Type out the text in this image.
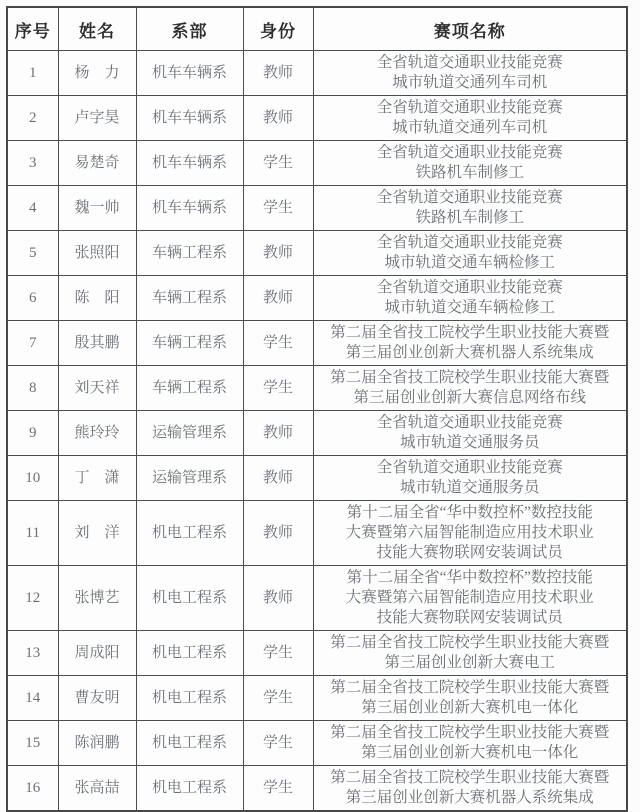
序号	姓名	系部	身份	赛项名称
1	杨　力	机车车辆系	教师	全省轨道交通职业技能竞赛
城市轨道交通列车司机

2	卢字昊	机车车辆系	教师	全省轨道交通职业技能竞赛
城市轨道交通列车司机

3	易楚奇	机车车辆系	学生	全省轨道交通职业技能竞赛
铁路机车制修工

4	魏一帅	机车车辆系	学生	全省轨道交通职业技能竞赛
铁路机车制修工

5	张照阳	车辆工程系	教师	全省轨道交通职业技能竞赛
城市轨道交通车辆检修工

6	陈　阳	车辆工程系	教师	全省轨道交通职业技能竞赛
城市轨道交通车辆检修工

7	殷其鹏	车辆工程系	学生	第二届全省技工院校学生职业技能大赛暨
第三届创业创新大赛机器人系统集成

8	刘天祥	车辆工程系	学生	第二届全省技工院校学生职业技能大赛暨
第三届创业创新大赛信息网络布线

9	熊玲玲	运输管理系	教师	全省轨道交通职业技能竞赛
城市轨道交通服务员

10	丁　潇	运输管理系	教师	全省轨道交通职业技能竞赛
城市轨道交通服务员

11	刘　洋	机电工程系	教师	第十二届全省“华中数控杯”数控技能
大赛暨第六届智能制造应用技术职业
技能大赛物联网安装调试员

12	张博艺	机电工程系	教师	第十二届全省“华中数控杯”数控技能
大赛暨第六届智能制造应用技术职业
技能大赛物联网安装调试员

13	周成阳	机电工程系	学生	第二届全省技工院校学生职业技能大赛暨
第三届创业创新大赛电工

14	曹友明	机电工程系	学生	第二届全省技工院校学生职业技能大赛暨
第三届创业创新大赛机电一体化

15	陈润鹏	机电工程系	学生	第二届全省技工院校学生职业技能大赛暨
第三届创业创新大赛机电一体化

16	张高喆	机电工程系	学生	第二届全省技工院校学生职业技能大赛暨
第三届创业创新大赛机器人系统集成
